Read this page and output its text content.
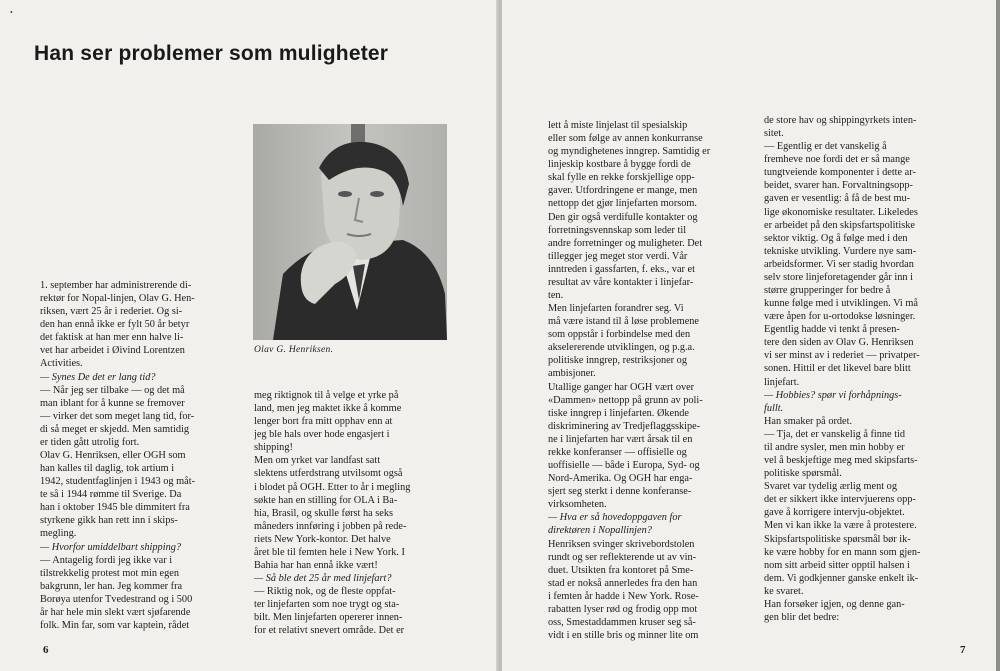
•
Han ser problemer som muligheter
Olav G. Henriksen.
1. september har administrerende di-
rektør for Nopal-linjen, Olav G. Hen-
riksen, vært 25 år i rederiet. Og si-
den han ennå ikke er fylt 50 år betyr
det faktisk at han mer enn halve li-
vet har arbeidet i Øivind Lorentzen
Activities.
— Synes De det er lang tid?
— Når jeg ser tilbake — og det må
man iblant for å kunne se fremover
— virker det som meget lang tid, for-
di så meget er skjedd. Men samtidig
er tiden gått utrolig fort.
Olav G. Henriksen, eller OGH som
han kalles til daglig, tok artium i
1942, studentfaglinjen i 1943 og måt-
te så i 1944 rømme til Sverige. Da
han i oktober 1945 ble dimmitert fra
styrkene gikk han rett inn i skips-
megling.
— Hvorfor umiddelbart shipping?
— Antagelig fordi jeg ikke var i
tilstrekkelig protest mot min egen
bakgrunn, ler han. Jeg kommer fra
Borøya utenfor Tvedestrand og i 500
år har hele min slekt vært sjøfarende
folk. Min far, som var kaptein, rådet
meg riktignok til å velge et yrke på
land, men jeg maktet ikke å komme
lenger bort fra mitt opphav enn at
jeg ble hals over hode engasjert i
shipping!
Men om yrket var landfast satt
slektens utferdstrang utvilsomt også
i blodet på OGH. Etter to år i megling
søkte han en stilling for OLA i Ba-
hia, Brasil, og skulle først ha seks
måneders innføring i jobben på rede-
riets New York-kontor. Det halve
året ble til femten hele i New York. I
Bahia har han ennå ikke vært!
— Så ble det 25 år med linjefart?
— Riktig nok, og de fleste oppfat-
ter linjefarten som noe trygt og sta-
bilt. Men linjefarten opererer innen-
for et relativt snevert område. Det er
6
lett å miste linjelast til spesialskip
eller som følge av annen konkurranse
og myndighetenes inngrep. Samtidig er
linjeskip kostbare å bygge fordi de
skal fylle en rekke forskjellige opp-
gaver. Utfordringene er mange, men
nettopp det gjør linjefarten morsom.
Den gir også verdifulle kontakter og
forretningsvennskap som leder til
andre forretninger og muligheter. Det
tillegger jeg meget stor verdi. Vår
inntreden i gassfarten, f. eks., var et
resultat av våre kontakter i linjefar-
ten.
Men linjefarten forandrer seg. Vi
må være istand til å løse problemene
som oppstår i forbindelse med den
akselererende utviklingen, og p.g.a.
politiske inngrep, restriksjoner og
ambisjoner.
Utallige ganger har OGH vært over
«Dammen» nettopp på grunn av poli-
tiske inngrep i linjefarten. Økende
diskriminering av Tredjeflaggsskipe-
ne i linjefarten har vært årsak til en
rekke konferanser — offisielle og
uoffisielle — både i Europa, Syd- og
Nord-Amerika. Og OGH har enga-
sjert seg sterkt i denne konferanse-
virksomheten.
— Hva er så hovedoppgaven for
direktøren i Nopallinjen?
Henriksen svinger skrivebordstolen
rundt og ser reflekterende ut av vin-
duet. Utsikten fra kontoret på Sme-
stad er nokså annerledes fra den han
i femten år hadde i New York. Rose-
rabatten lyser rød og frodig opp mot
oss, Smestaddammen kruser seg så-
vidt i en stille bris og minner lite om
de store hav og shippingyrkets inten-
sitet.
— Egentlig er det vanskelig å
fremheve noe fordi det er så mange
tungtveiende komponenter i dette ar-
beidet, svarer han. Forvaltningsopp-
gaven er vesentlig: å få de best mu-
lige økonomiske resultater. Likeledes
er arbeidet på den skipsfartspolitiske
sektor viktig. Og å følge med i den
tekniske utvikling. Vurdere nye sam-
arbeidsformer. Vi ser stadig hvordan
selv store linjeforetagender går inn i
større grupperinger for bedre å
kunne følge med i utviklingen. Vi må
være åpen for u-ortodokse løsninger.
Egentlig hadde vi tenkt å presen-
tere den siden av Olav G. Henriksen
vi ser minst av i rederiet — privatper-
sonen. Hittil er det likevel bare blitt
linjefart.
— Hobbies? spør vi forhåpnings-
fullt.
Han smaker på ordet.
— Tja, det er vanskelig å finne tid
til andre sysler, men min hobby er
vel å beskjeftige meg med skipsfarts-
politiske spørsmål.
Svaret var tydelig ærlig ment og
det er sikkert ikke intervjuerens opp-
gave å korrigere intervju-objektet.
Men vi kan ikke la være å protestere.
Skipsfartspolitiske spørsmål bør ik-
ke være hobby for en mann som gjen-
nom sitt arbeid sitter opptil halsen i
dem. Vi godkjenner ganske enkelt ik-
ke svaret.
Han forsøker igjen, og denne gan-
gen blir det bedre:
7
